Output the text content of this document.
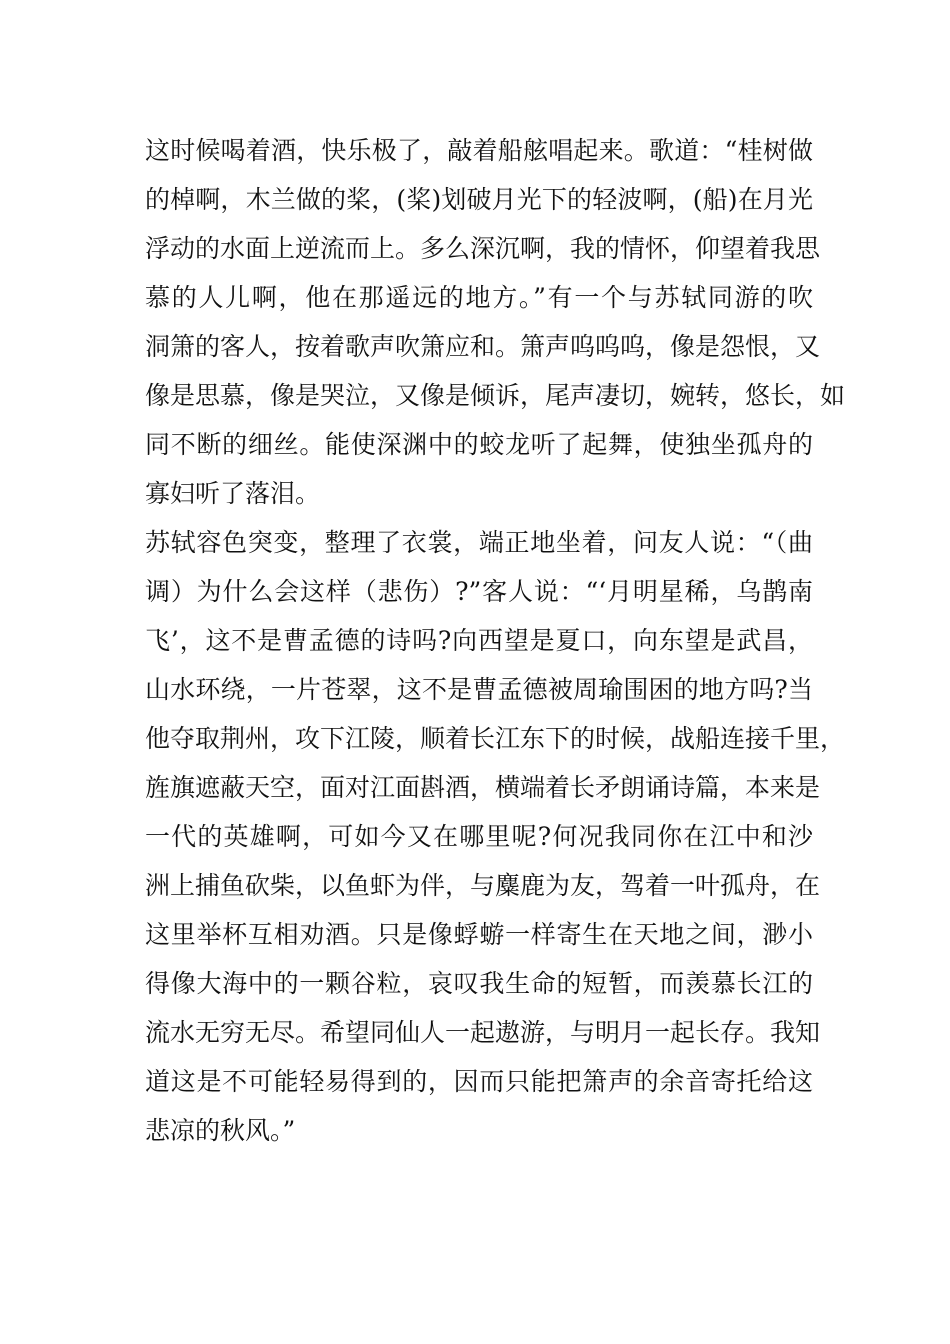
这时候喝着酒，快乐极了，敲着船舷唱起来。歌道：“桂树做
的棹啊，木兰做的桨，(桨)划破月光下的轻波啊，(船)在月光
浮动的水面上逆流而上。多么深沉啊，我的情怀，仰望着我思
慕的人儿啊，他在那遥远的地方。”有一个与苏轼同游的吹
洞箫的客人，按着歌声吹箫应和。箫声呜呜呜，像是怨恨，又
像是思慕，像是哭泣，又像是倾诉，尾声凄切，婉转，悠长，如
同不断的细丝。能使深渊中的蛟龙听了起舞，使独坐孤舟的
寡妇听了落泪。
苏轼容色突变，整理了衣裳，端正地坐着，问友人说：“（曲
调）为什么会这样（悲伤）?”客人说：“‘月明星稀，乌鹊南
飞’，这不是曹孟德的诗吗?向西望是夏口，向东望是武昌，
山水环绕，一片苍翠，这不是曹孟德被周瑜围困的地方吗?当
他夺取荆州，攻下江陵，顺着长江东下的时候，战船连接千里，
旌旗遮蔽天空，面对江面斟酒，横端着长矛朗诵诗篇，本来是
一代的英雄啊，可如今又在哪里呢?何况我同你在江中和沙
洲上捕鱼砍柴，以鱼虾为伴，与麋鹿为友，驾着一叶孤舟，在
这里举杯互相劝酒。只是像蜉蝣一样寄生在天地之间，渺小
得像大海中的一颗谷粒，哀叹我生命的短暂，而羡慕长江的
流水无穷无尽。希望同仙人一起遨游，与明月一起长存。我知
道这是不可能轻易得到的，因而只能把箫声的余音寄托给这
悲凉的秋风。”
